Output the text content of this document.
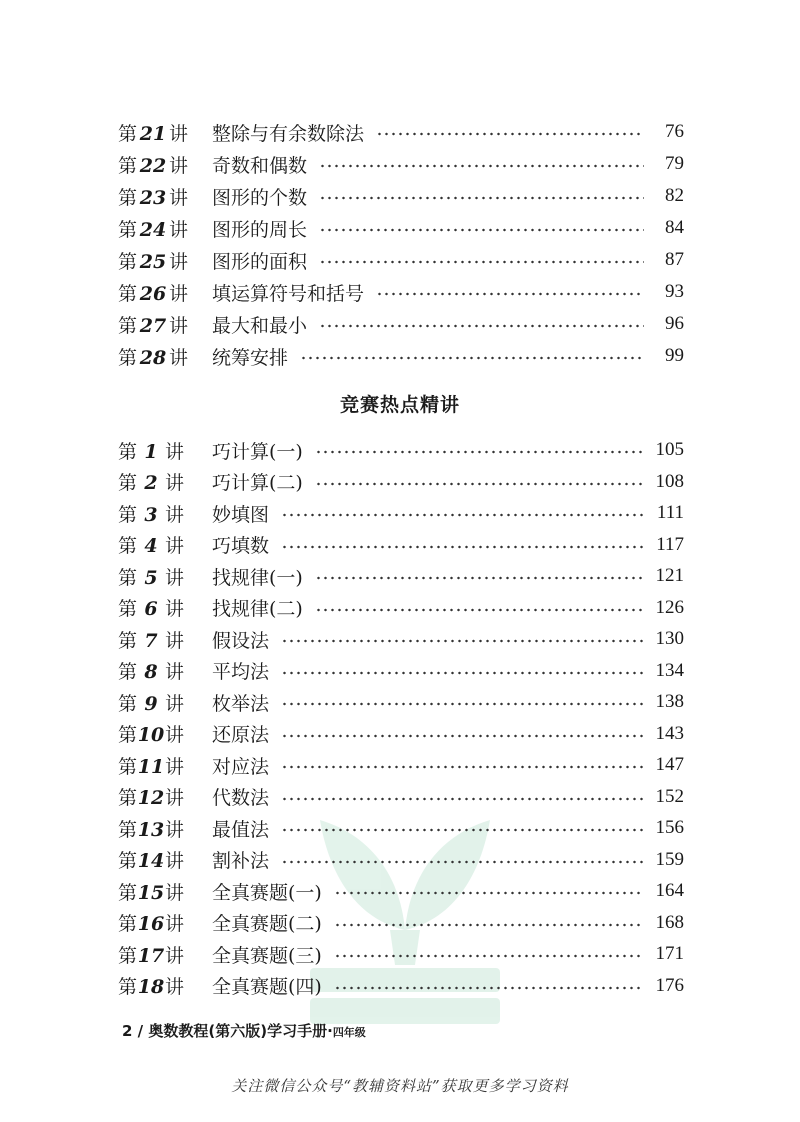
第 21 讲 整除与有余数除法	76
第 22 讲 奇数和偶数	79
第 23 讲 图形的个数	82
第 24 讲 图形的周长	84
第 25 讲 图形的面积	87
第 26 讲 填运算符号和括号	93
第 27 讲 最大和最小	96
第 28 讲 统筹安排	99
竞赛热点精讲
第 1 讲 巧计算(一)	105
第 2 讲 巧计算(二)	108
第 3 讲 妙填图	111
第 4 讲 巧填数	117
第 5 讲 找规律(一)	121
第 6 讲 找规律(二)	126
第 7 讲 假设法	130
第 8 讲 平均法	134
第 9 讲 枚举法	138
第 10 讲 还原法	143
第 11 讲 对应法	147
第 12 讲 代数法	152
第 13 讲 最值法	156
第 14 讲 割补法	159
第 15 讲 全真赛题(一)	164
第 16 讲 全真赛题(二)	168
第 17 讲 全真赛题(三)	171
第 18 讲 全真赛题(四)	176
2 / 奥数教程(第六版)学习手册·四年级
关注微信公众号“教辅资料站”获取更多学习资料
